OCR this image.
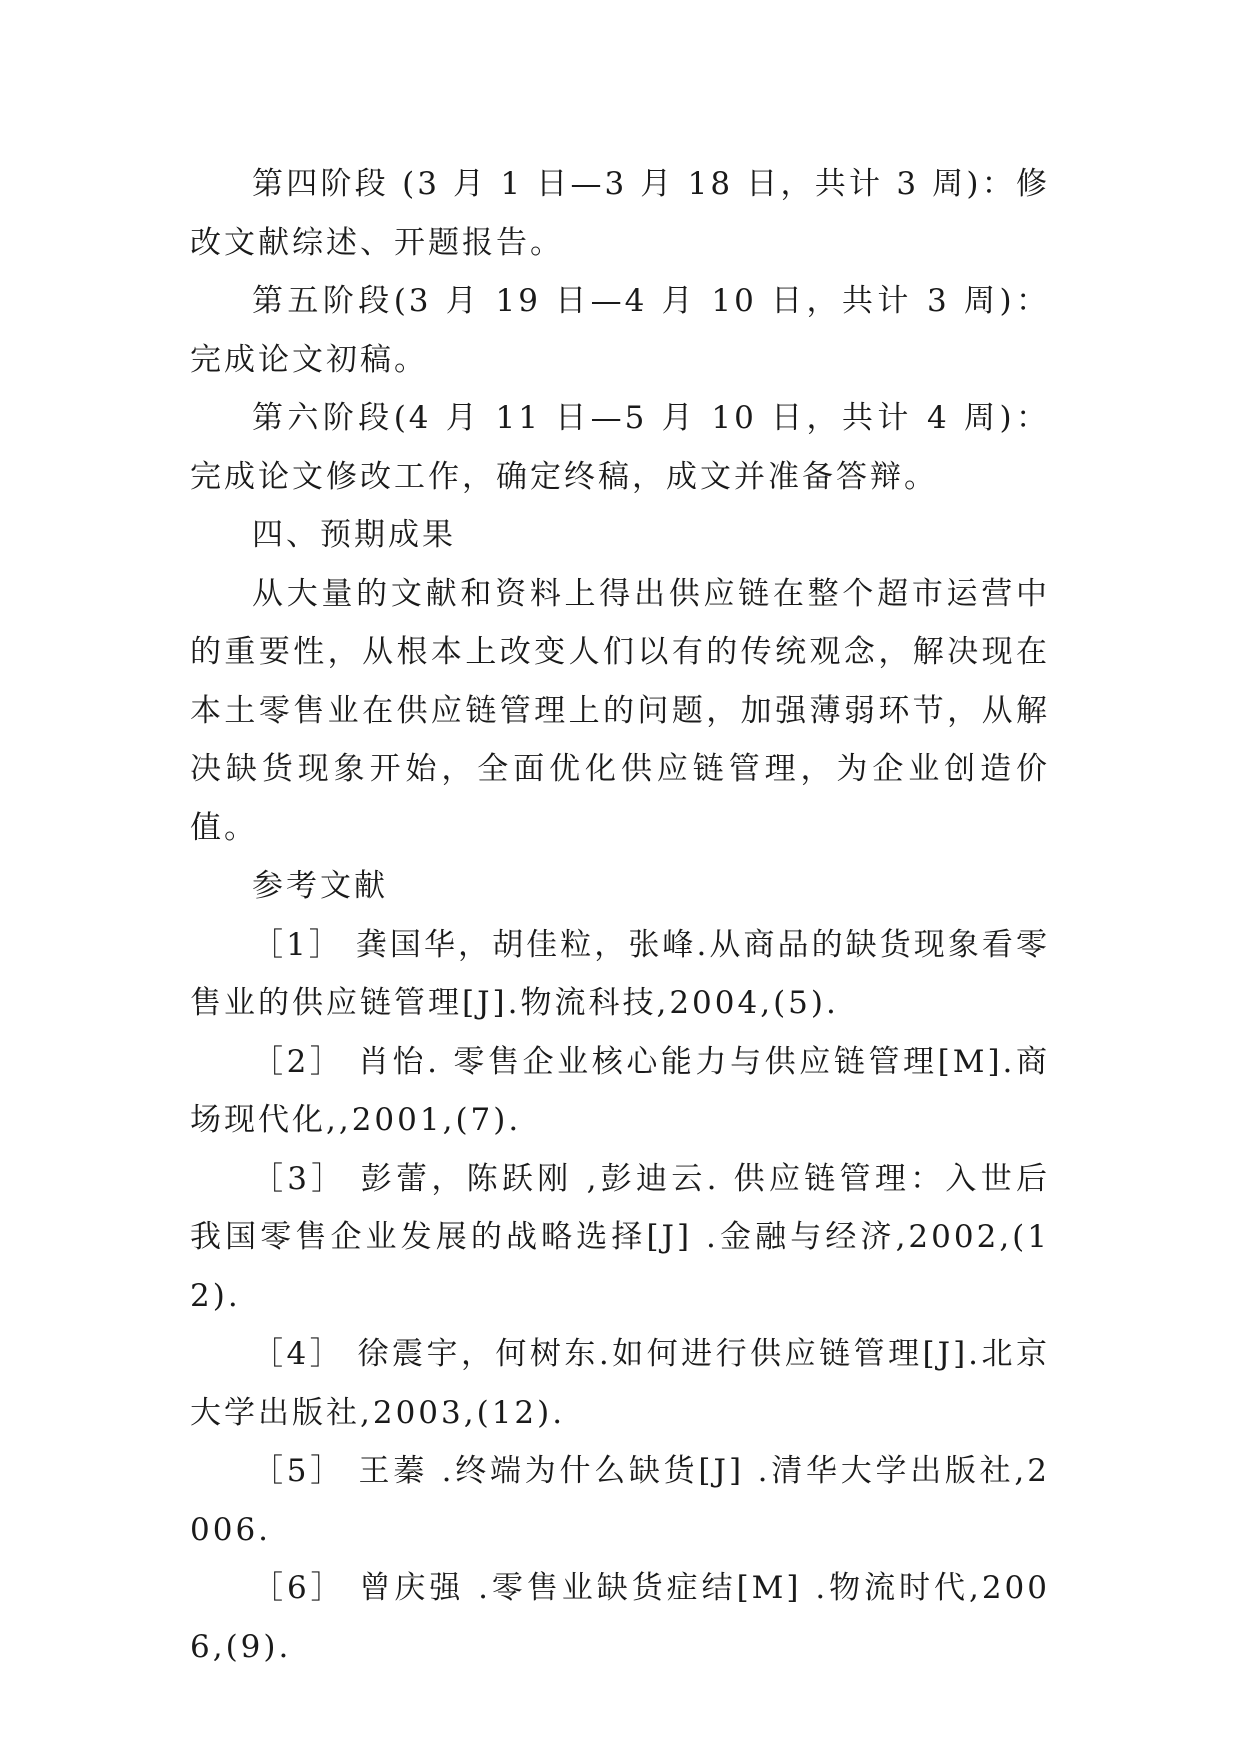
第四阶段 (3 月 1 日—3 月 18 日，共计 3 周)：修改文献综述、开题报告。

第五阶段(3 月 19 日—4 月 10 日，共计 3 周)：完成论文初稿。

第六阶段(4 月 11 日—5 月 10 日，共计 4 周)：完成论文修改工作，确定终稿，成文并准备答辩。

四、预期成果

从大量的文献和资料上得出供应链在整个超市运营中的重要性，从根本上改变人们以有的传统观念，解决现在本土零售业在供应链管理上的问题，加强薄弱环节，从解决缺货现象开始，全面优化供应链管理，为企业创造价值。

参考文献

［1］ 龚国华，胡佳粒，张峰.从商品的缺货现象看零售业的供应链管理[J].物流科技,2004,(5).

［2］ 肖怡. 零售企业核心能力与供应链管理[M].商场现代化,,2001,(7).

［3］ 彭蕾，陈跃刚 ,彭迪云. 供应链管理：入世后我国零售企业发展的战略选择[J] .金融与经济,2002,(12).

［4］ 徐震宇，何树东.如何进行供应链管理[J].北京大学出版社,2003,(12).

［5］ 王蓁 .终端为什么缺货[J] .清华大学出版社,2006.

［6］ 曾庆强 .零售业缺货症结[M] .物流时代,2006,(9).
